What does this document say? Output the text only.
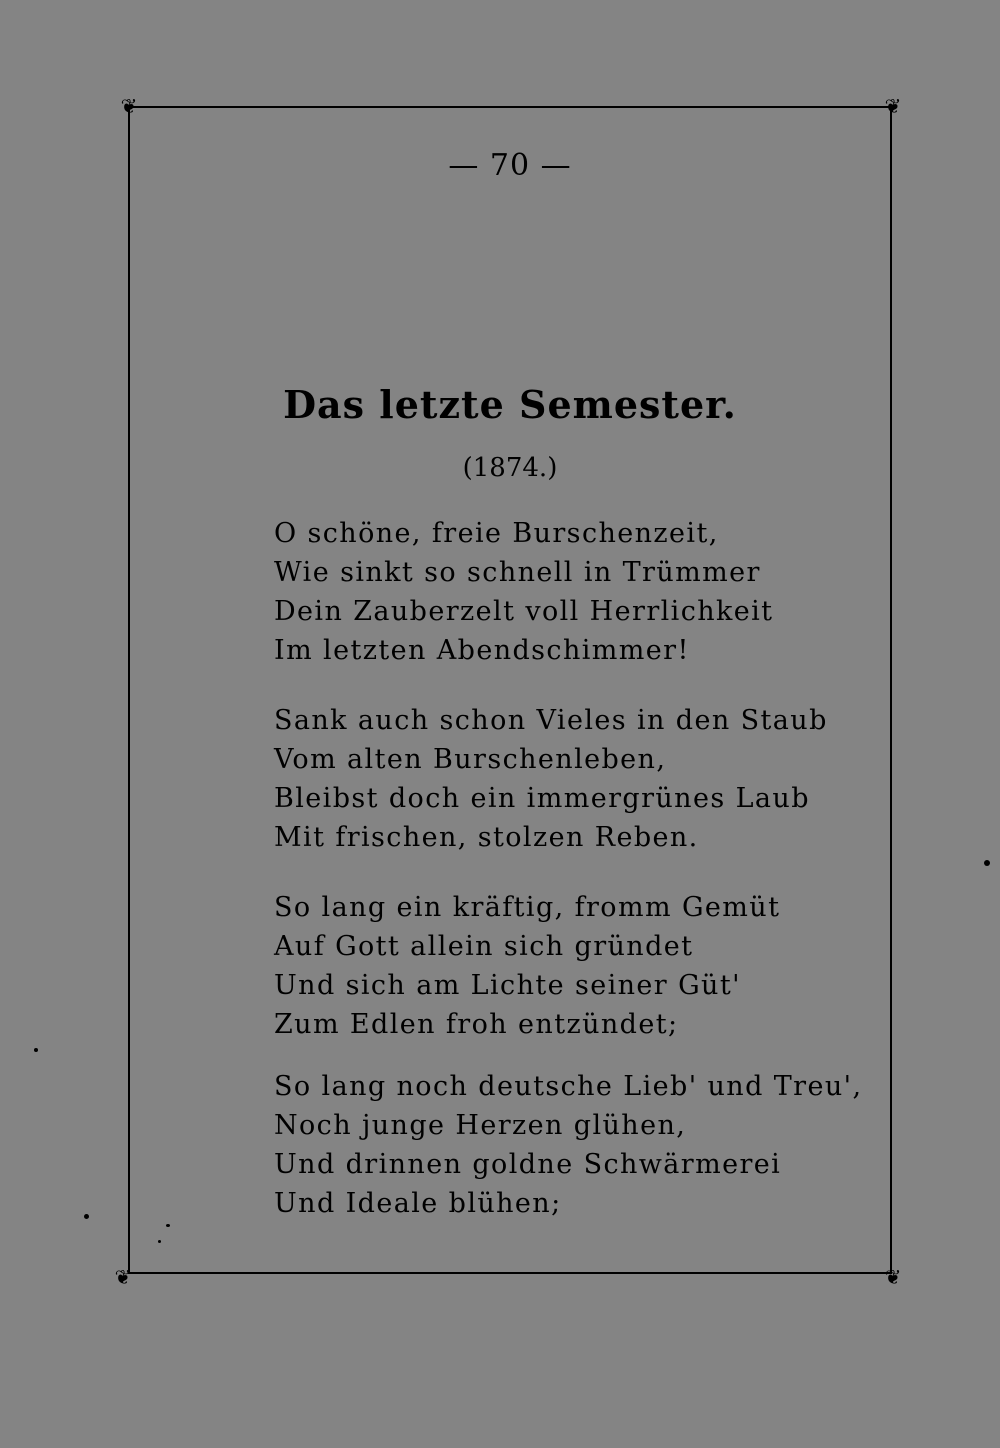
❦	❦
❦	❦
— 70 —
Das letzte Semester.
(1874.)
O schöne, freie Burschenzeit,
Wie sinkt so schnell in Trümmer
Dein Zauberzelt voll Herrlichkeit
Im letzten Abendschimmer!
Sank auch schon Vieles in den Staub
Vom alten Burschenleben,
Bleibst doch ein immergrünes Laub
Mit frischen, stolzen Reben.
So lang ein kräftig, fromm Gemüt
Auf Gott allein sich gründet
Und sich am Lichte seiner Güt'
Zum Edlen froh entzündet;
So lang noch deutsche Lieb' und Treu',
Noch junge Herzen glühen,
Und drinnen goldne Schwärmerei
Und Ideale blühen;
